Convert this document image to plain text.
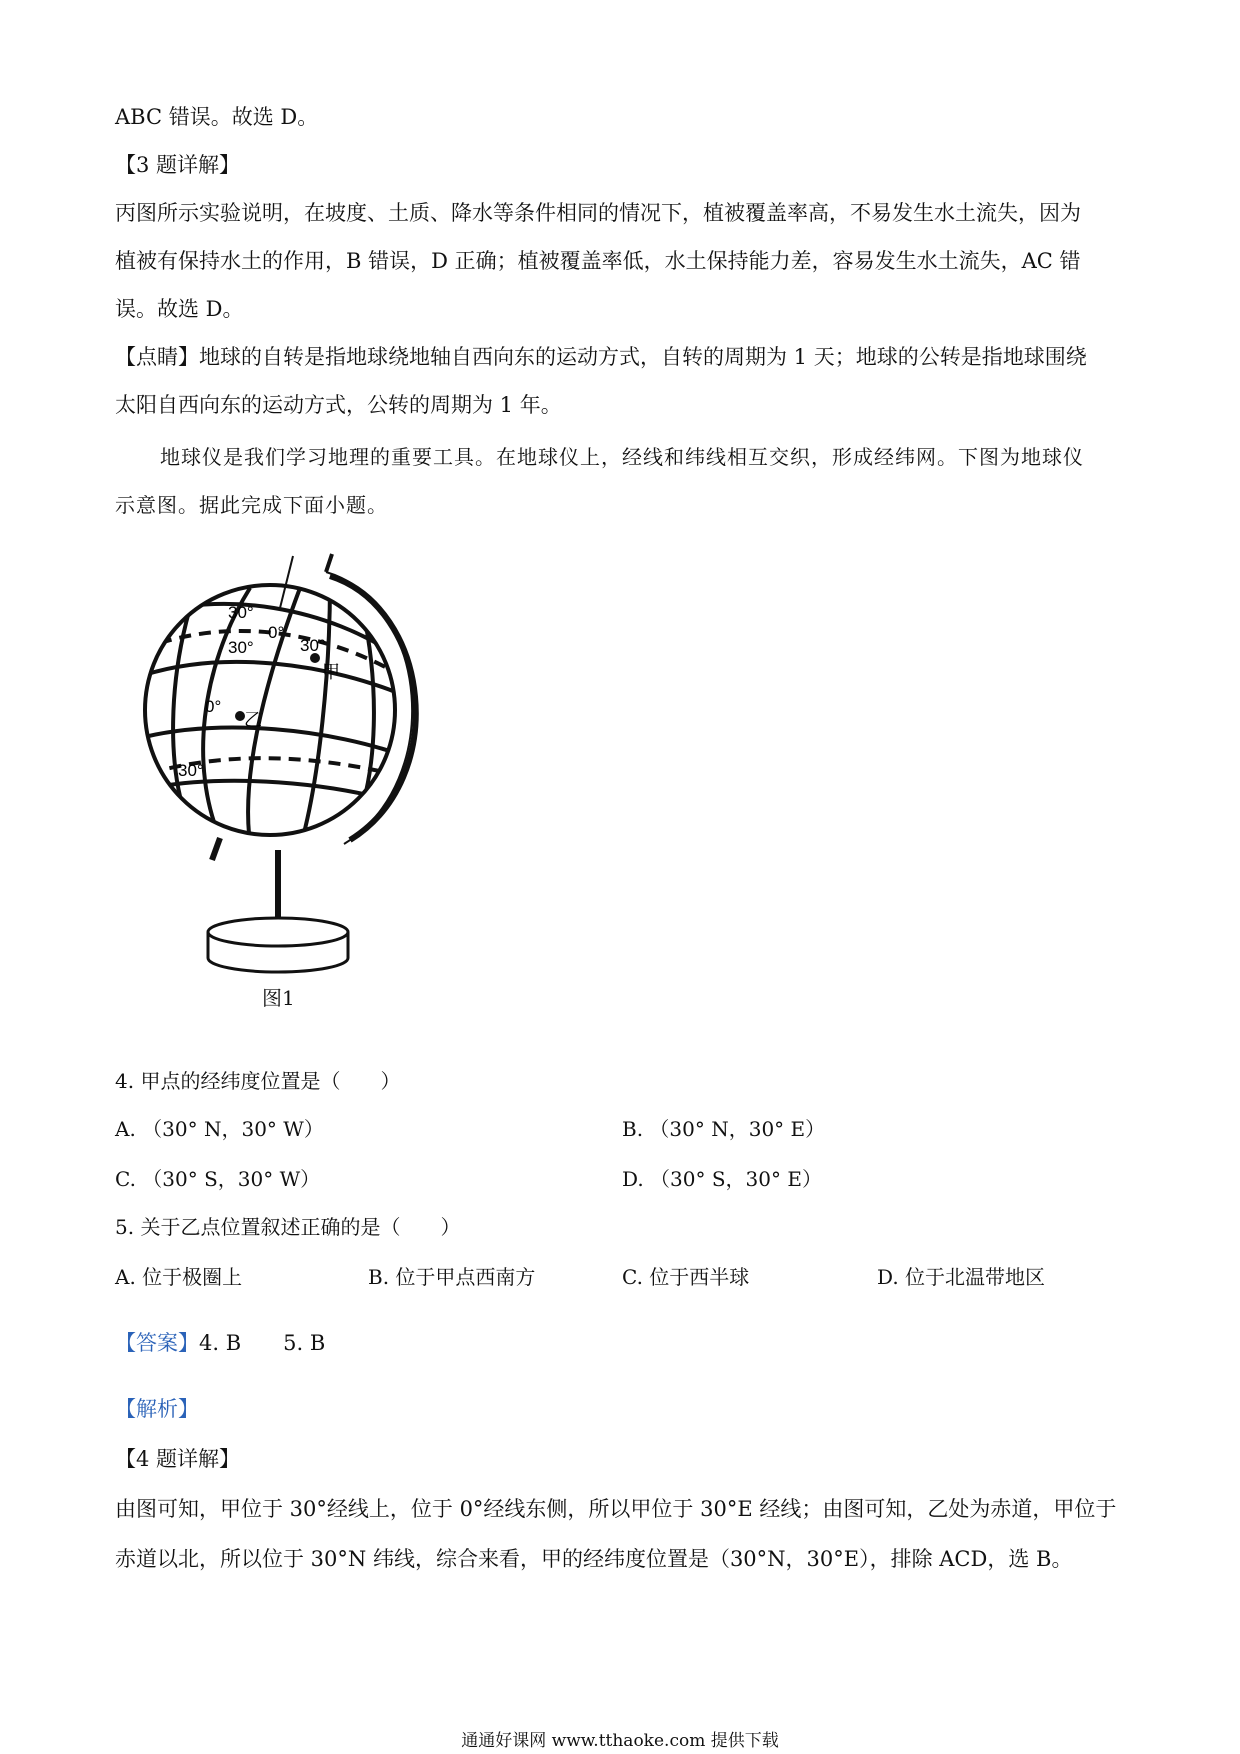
ABC 错误。故选 D。
【3 题详解】
丙图所示实验说明，在坡度、土质、降水等条件相同的情况下，植被覆盖率高，不易发生水土流失，因为
植被有保持水土的作用，B 错误，D 正确；植被覆盖率低，水土保持能力差，容易发生水土流失，AC 错
误。故选 D。
【点睛】地球的自转是指地球绕地轴自西向东的运动方式，自转的周期为 1 天；地球的公转是指地球围绕
太阳自西向东的运动方式，公转的周期为 1 年。
地球仪是我们学习地理的重要工具。在地球仪上，经线和纬线相互交织，形成经纬网。下图为地球仪
示意图。据此完成下面小题。
30°
0°
30°	30°
甲
0°
乙
30°
图1
4. 甲点的经纬度位置是（　　）
A. （30° N，30° W）	B. （30° N，30° E）
C. （30° S，30° W）	D. （30° S，30° E）
5. 关于乙点位置叙述正确的是（　　）
A. 位于极圈上	B. 位于甲点西南方	C. 位于西半球	D. 位于北温带地区
【答案】4. B　　5. B
【解析】
【4 题详解】
由图可知，甲位于 30°经线上，位于 0°经线东侧，所以甲位于 30°E 经线；由图可知，乙处为赤道，甲位于
赤道以北，所以位于 30°N 纬线，综合来看，甲的经纬度位置是（30°N，30°E），排除 ACD，选 B。
通通好课网 www.tthaoke.com 提供下载
